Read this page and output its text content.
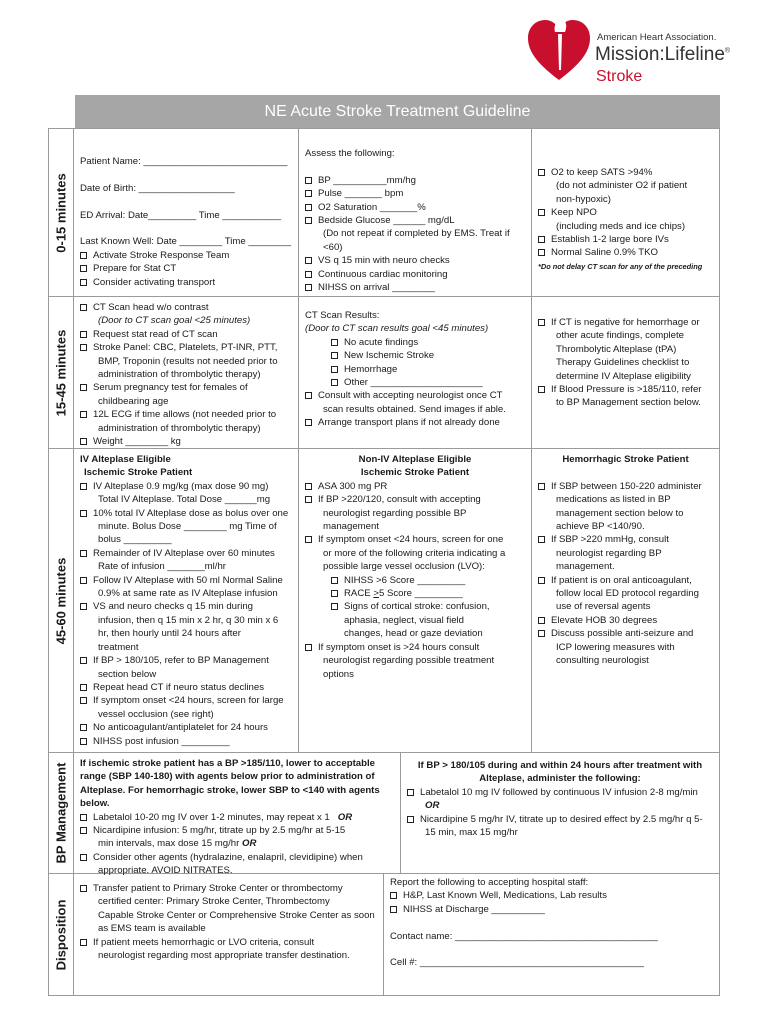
American Heart Association.
Mission:Lifeline®
Stroke
NE Acute Stroke Treatment Guideline
0-15 minutes
Patient Name: ___________________________
Date of Birth: __________________
ED Arrival: Date_________ Time ___________
Last Known Well: Date ________ Time ________
Activate Stroke Response Team
Prepare for Stat CT
Consider activating transport
Assess the following:
BP __________mm/hg
Pulse _______ bpm
O2 Saturation _______%
Bedside Glucose ______ mg/dL
(Do not repeat if completed by EMS. Treat if
<60)
VS q 15 min with neuro checks
Continuous cardiac monitoring
NIHSS on arrival ________
O2 to keep SATS >94%
(do not administer O2 if patient
non-hypoxic)
Keep NPO
(including meds and ice chips)
Establish 1-2 large bore IVs
Normal Saline 0.9% TKO
*Do not delay CT scan for any of the preceding
15-45 minutes
CT Scan head w/o contrast
(Door to CT scan goal <25 minutes)
Request stat read of CT scan
Stroke Panel: CBC, Platelets, PT-INR, PTT,
BMP, Troponin (results not needed prior to
administration of thrombolytic therapy)
Serum pregnancy test for females of
childbearing age
12L ECG if time allows (not needed prior to
administration of thrombolytic therapy)
Weight ________ kg
CT Scan Results:
(Door to CT scan results goal <45 minutes)
No acute findings
New Ischemic Stroke
Hemorrhage
Other _____________________
Consult with accepting neurologist once CT
scan results obtained. Send images if able.
Arrange transport plans if not already done
If CT is negative for hemorrhage or
other acute findings, complete
Thrombolytic Alteplase (tPA)
Therapy Guidelines checklist to
determine IV Alteplase eligibility
If Blood Pressure is >185/110, refer
to BP Management section below.
45-60 minutes
IV Alteplase Eligible
Ischemic Stroke Patient
IV Alteplase 0.9 mg/kg (max dose 90 mg)
Total IV Alteplase. Total Dose ______mg
10% total IV Alteplase dose as bolus over one
minute. Bolus Dose ________ mg Time of
bolus _________
Remainder of IV Alteplase over 60 minutes
Rate of infusion _______ml/hr
Follow IV Alteplase with 50 ml Normal Saline
0.9% at same rate as IV Alteplase infusion
VS and neuro checks q 15 min during
infusion, then q 15 min x 2 hr, q 30 min x 6
hr, then hourly until 24 hours after
treatment
If BP > 180/105, refer to BP Management
section below
Repeat head CT if neuro status declines
If symptom onset <24 hours, screen for large
vessel occlusion (see right)
No anticoagulant/antiplatelet for 24 hours
NIHSS post infusion _________
Non-IV Alteplase Eligible
Ischemic Stroke Patient
ASA 300 mg PR
If BP >220/120, consult with accepting
neurologist regarding possible BP
management
If symptom onset <24 hours, screen for one
or more of the following criteria indicating a
possible large vessel occlusion (LVO):
NIHSS >6 Score _________
RACE >5 Score _________
Signs of cortical stroke: confusion,
aphasia, neglect, visual field
changes, head or gaze deviation
If symptom onset is >24 hours consult
neurologist regarding possible treatment
options
Hemorrhagic Stroke Patient
If SBP between 150-220 administer
medications as listed in BP
management section below to
achieve BP <140/90.
If SBP >220 mmHg, consult
neurologist regarding BP
management.
If patient is on oral anticoagulant,
follow local ED protocol regarding
use of reversal agents
Elevate HOB 30 degrees
Discuss possible anti-seizure and
ICP lowering measures with
consulting neurologist
BP Management If ischemic stroke patient has a BP >185/110, lower to acceptable
range (SBP 140-180) with agents below prior to administration of
Alteplase. For hemorrhagic stroke, lower SBP to <140 with agents
below.
Labetalol 10-20 mg IV over 1-2 minutes, may repeat x 1 OR
Nicardipine infusion: 5 mg/hr, titrate up by 2.5 mg/hr at 5-15
min intervals, max dose 15 mg/hr OR
Consider other agents (hydralazine, enalapril, clevidipine) when
appropriate. AVOID NITRATES.
If BP > 180/105 during and within 24 hours after treatment with
Alteplase, administer the following:
Labetalol 10 mg IV followed by continuous IV infusion 2-8 mg/min
OR
Nicardipine 5 mg/hr IV, titrate up to desired effect by 2.5 mg/hr q 5-
15 min, max 15 mg/hr
Disposition
Transfer patient to Primary Stroke Center or thrombectomy
certified center: Primary Stroke Center, Thrombectomy
Capable Stroke Center or Comprehensive Stroke Center as soon
as EMS team is available
If patient meets hemorrhagic or LVO criteria, consult
neurologist regarding most appropriate transfer destination.
Report the following to accepting hospital staff:
H&P, Last Known Well, Medications, Lab results
NIHSS at Discharge __________
Contact name: ______________________________________
Cell #: __________________________________________
